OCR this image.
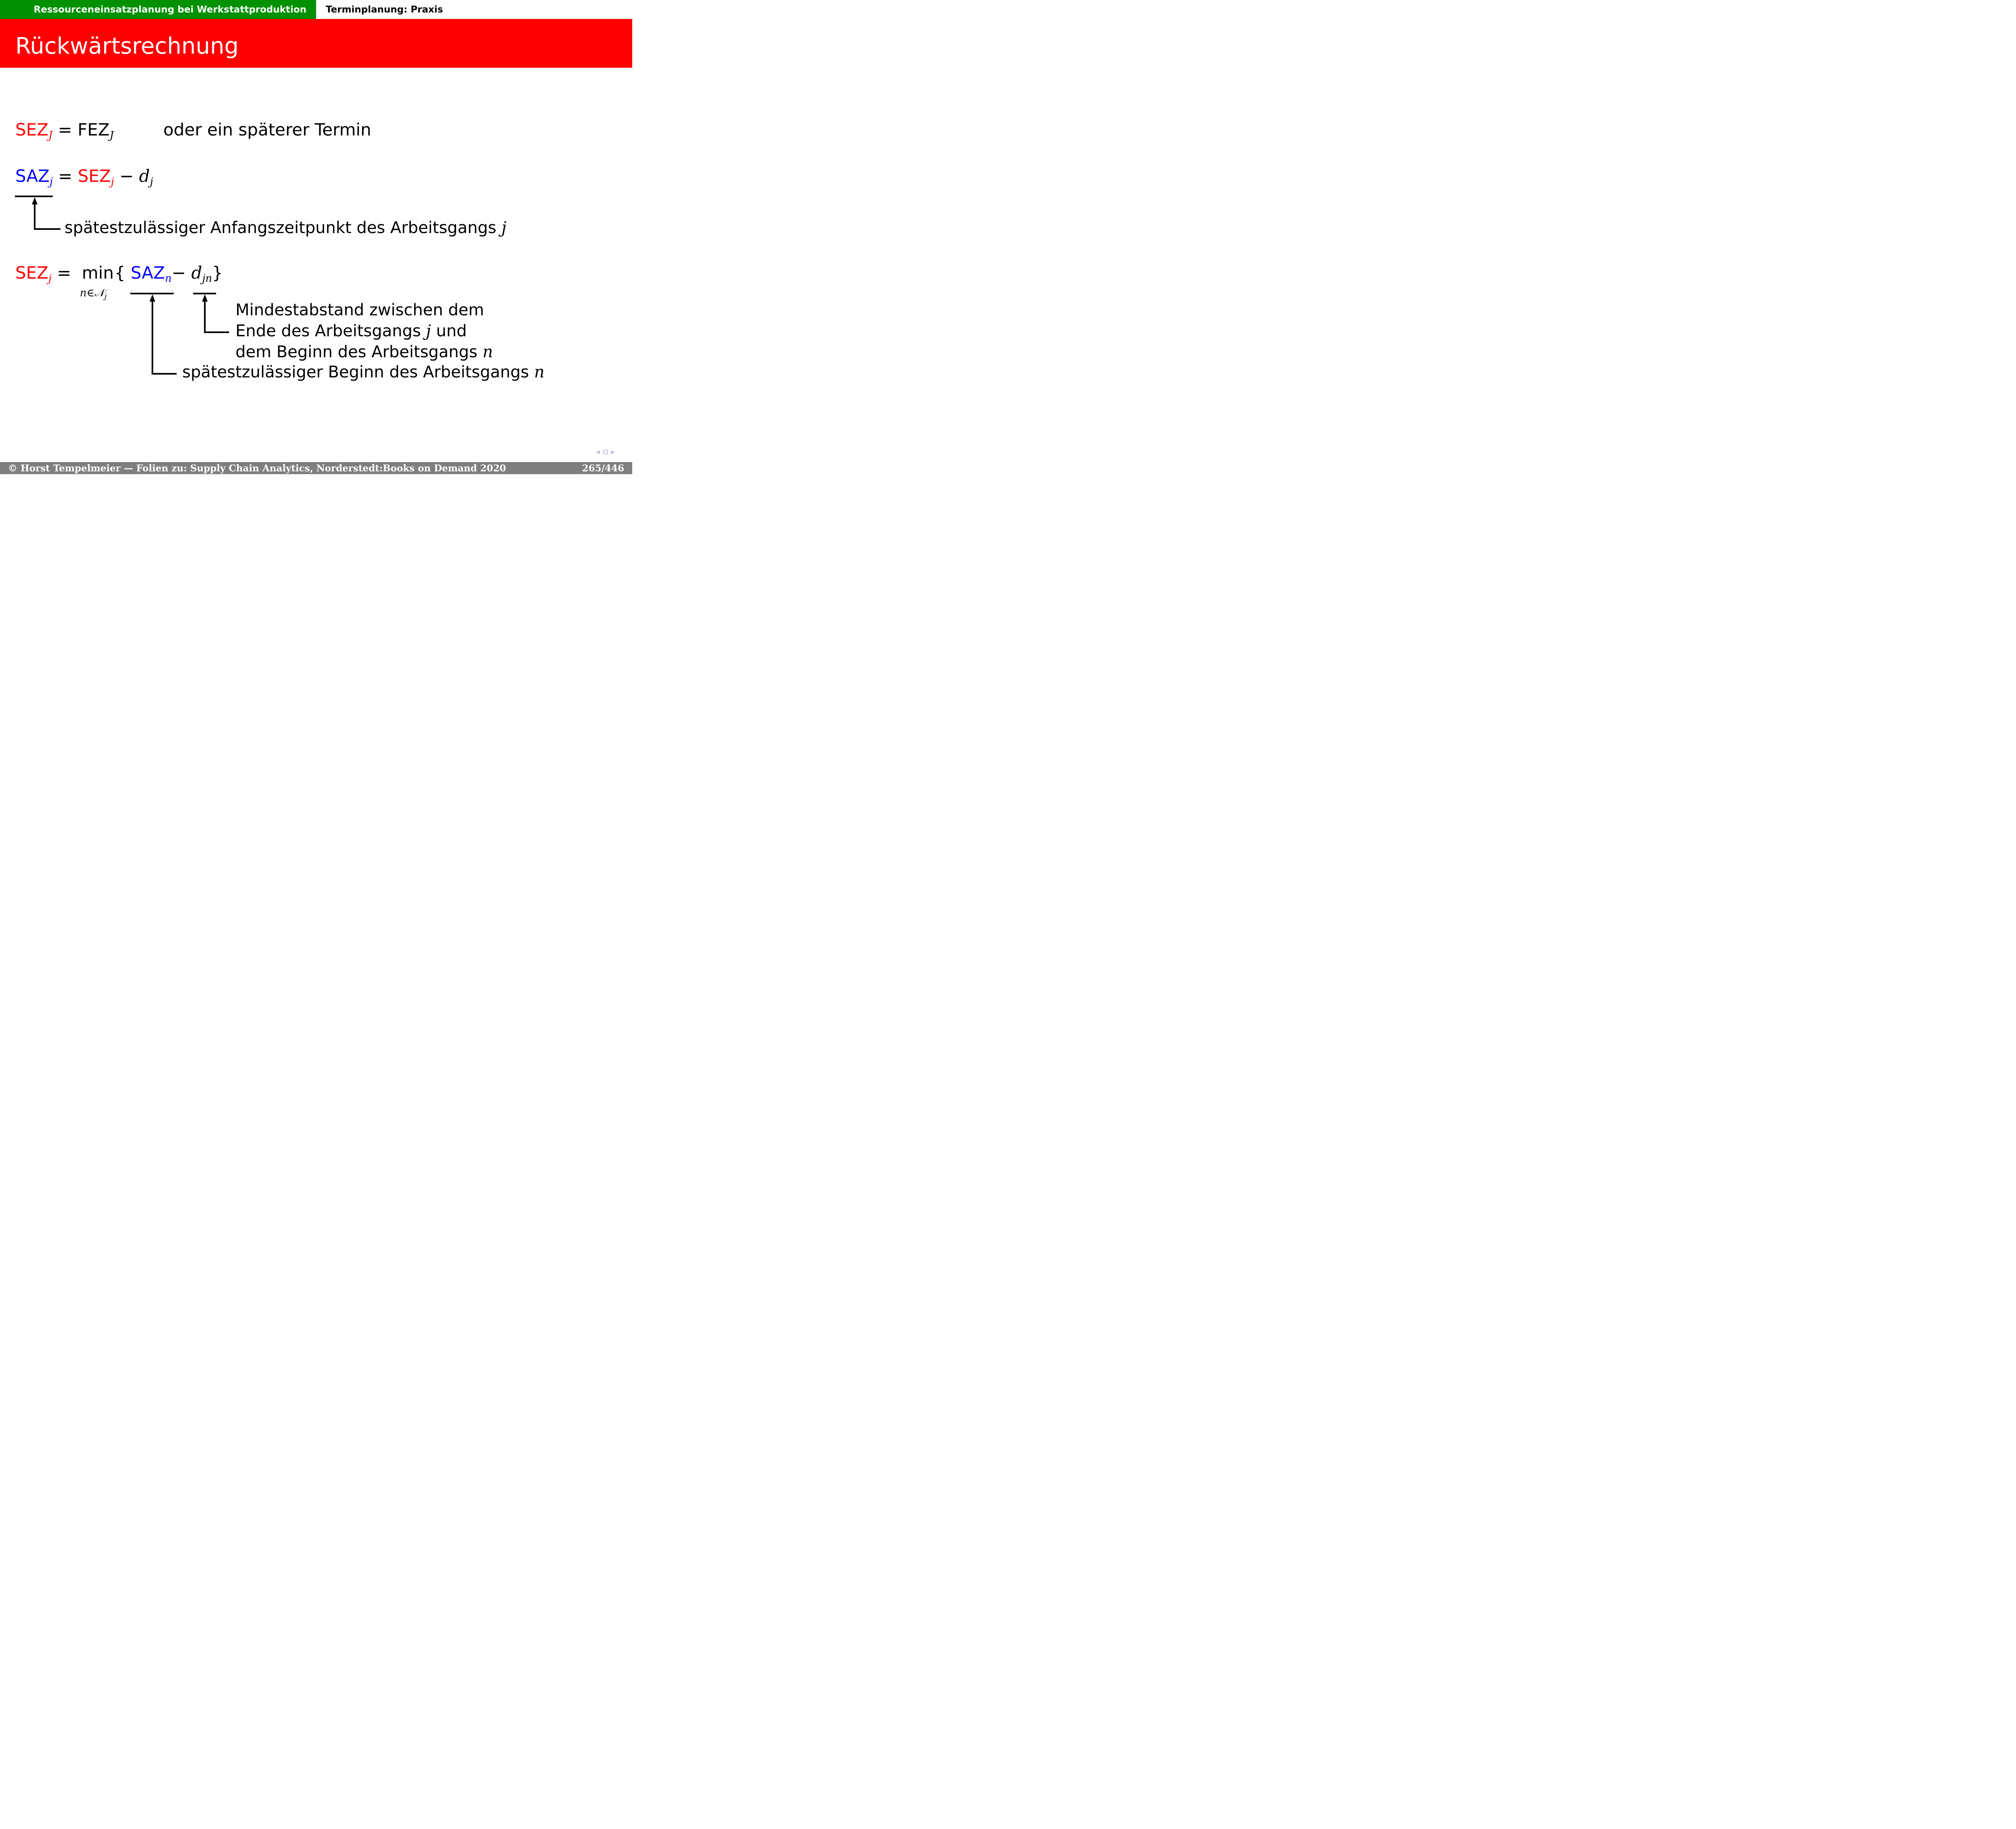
Ressourceneinsatzplanung bei Werkstattproduktion	Terminplanung: Praxis
Rückwärtsrechnung
$SEZ_J = FEZ_J$	oder ein späterer Termin
$SAZ_j = SEZ_j - d_j$
spätestzulässiger Anfangszeitpunkt des Arbeitsgangs j
$SEZ_j = \min$
n∈𝒩$_j$
{ $SAZ_n- d_{jn}$}
Mindestabstand zwischen dem
Ende des Arbeitsgangs j und
dem Beginn des Arbeitsgangs n
spätestzulässiger Beginn des Arbeitsgangs n
◂ ⧉ ▸
© Horst Tempelmeier — Folien zu: Supply Chain Analytics, Norderstedt:Books on Demand 2020	265/446
